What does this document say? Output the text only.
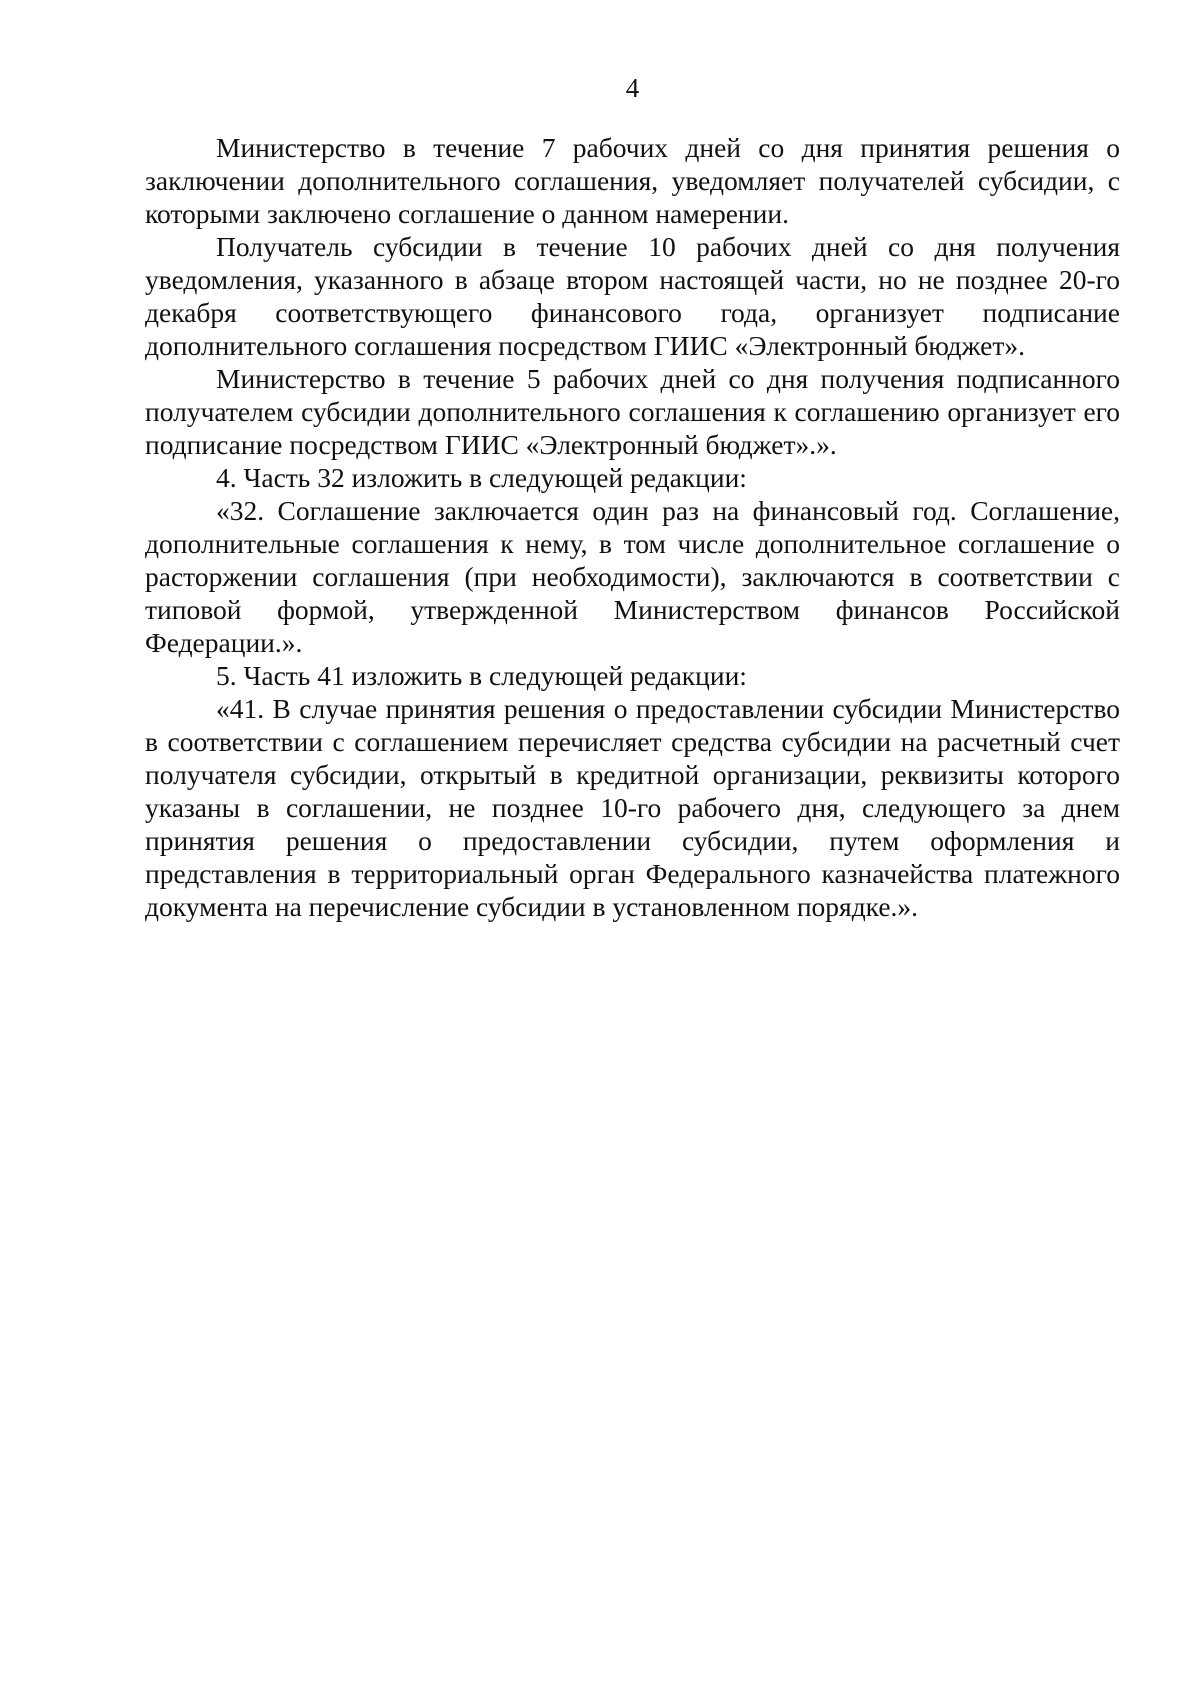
4

Министерство в течение 7 рабочих дней со дня принятия решения о заключении дополнительного соглашения, уведомляет получателей субсидии, с которыми заключено соглашение о данном намерении.

Получатель субсидии в течение 10 рабочих дней со дня получения уведомления, указанного в абзаце втором настоящей части, но не позднее 20-го декабря соответствующего финансового года, организует подписание дополнительного соглашения посредством ГИИС «Электронный бюджет».

Министерство в течение 5 рабочих дней со дня получения подписанного получателем субсидии дополнительного соглашения к соглашению организует его подписание посредством ГИИС «Электронный бюджет».».

4. Часть 32 изложить в следующей редакции:

«32. Соглашение заключается один раз на финансовый год. Соглашение, дополнительные соглашения к нему, в том числе дополнительное соглашение о расторжении соглашения (при необходимости), заключаются в соответствии с типовой формой, утвержденной Министерством финансов Российской Федерации.».

5. Часть 41 изложить в следующей редакции:

«41. В случае принятия решения о предоставлении субсидии Министерство в соответствии с соглашением перечисляет средства субсидии на расчетный счет получателя субсидии, открытый в кредитной организации, реквизиты которого указаны в соглашении, не позднее 10-го рабочего дня, следующего за днем принятия решения о предоставлении субсидии, путем оформления и представления в территориальный орган Федерального казначейства платежного документа на перечисление субсидии в установленном порядке.».
